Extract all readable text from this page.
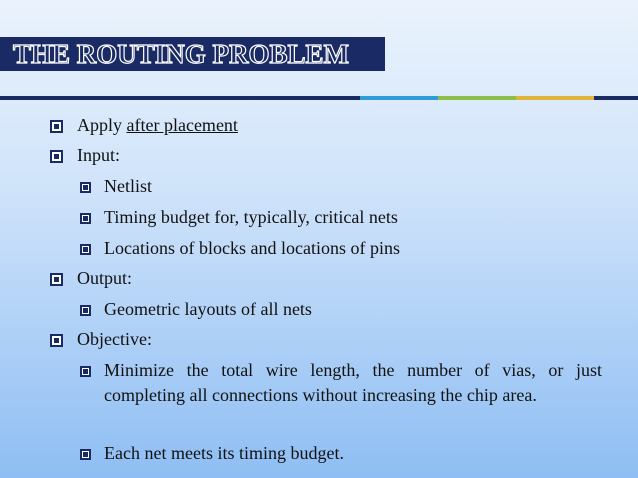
THE ROUTING PROBLEM
Apply after placement
Input:
Netlist
Timing budget for, typically, critical nets
Locations of blocks and locations of pins
Output:
Geometric layouts of all nets
Objective:
Minimize the total wire length, the number of vias, or just completing all connections without increasing the chip area.
Each net meets its timing budget.
